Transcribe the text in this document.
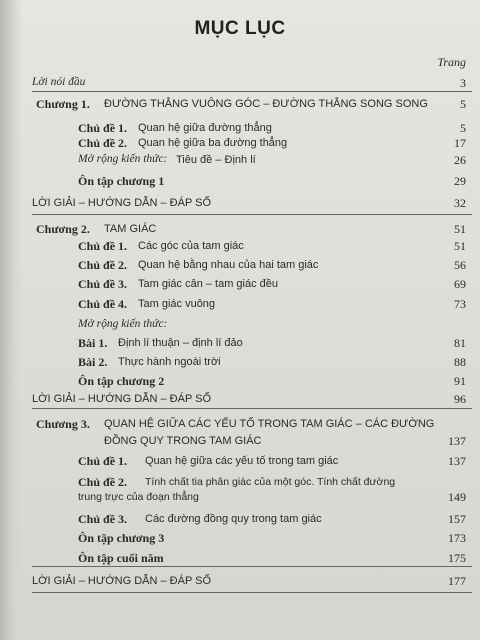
MỤC LỤC
Trang
Lời nói đầu	3
Chương 1. ĐƯỜNG THẲNG VUÔNG GÓC – ĐƯỜNG THẲNG SONG SONG	5
Chủ đề 1. Quan hệ giữa đường thẳng	5
Chủ đề 2. Quan hệ giữa ba đường thẳng	17
Mở rộng kiến thức: Tiêu đề – Định lí	26
Ôn tập chương 1	29
LỜI GIẢI – HƯỚNG DẪN – ĐÁP SỐ	32
Chương 2. TAM GIÁC	51
Chủ đề 1. Các góc của tam giác	51
Chủ đề 2. Quan hệ bằng nhau của hai tam giác	56
Chủ đề 3. Tam giác cân – tam giác đều	69
Chủ đề 4. Tam giác vuông	73
Mở rộng kiến thức:
Bài 1. Định lí thuận – định lí đảo	81
Bài 2. Thực hành ngoài trời	88
Ôn tập chương 2	91
LỜI GIẢI – HƯỚNG DẪN – ĐÁP SỐ	96
Chương 3. QUAN HỆ GIỮA CÁC YẾU TỐ TRONG TAM GIÁC – CÁC ĐƯỜNG
ĐỒNG QUY TRONG TAM GIÁC	137
Chủ đề 1. Quan hệ giữa các yếu tố trong tam giác	137
Chủ đề 2. Tính chất tia phân giác của một góc. Tính chất đường
trung trực của đoạn thẳng	149
Chủ đề 3. Các đường đồng quy trong tam giác	157
Ôn tập chương 3	173
Ôn tập cuối năm	175
LỜI GIẢI – HƯỚNG DẪN – ĐÁP SỐ	177
